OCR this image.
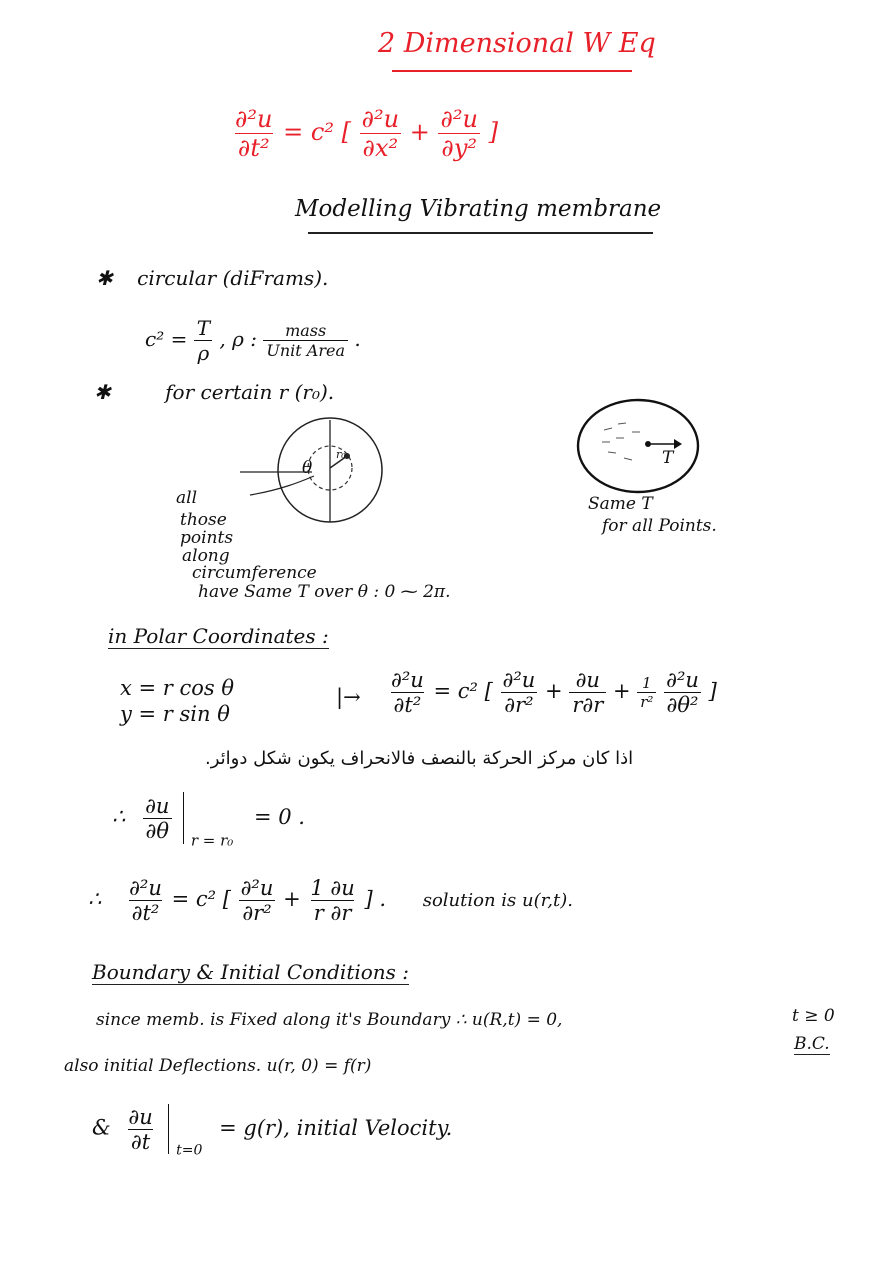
2 Dimensional W Eq
$\frac{\text{∂²u}}{\text{∂t²}} = c^2$ [ $\frac{\text{∂²u}}{\text{∂x²}} + \frac{\text{∂²u}}{\text{∂y²}}$ ]
Modelling Vibrating membrane
✱ circular (diFrams).
$c^2 = \frac{T}{\rho}$ , ρ : $\frac{\text{mass}}{\text{Unit Area}}$ .
✱	for certain r (r₀).
θ
r₀
all
those
points
along
circumference
have Same T over θ : 0 ⁓ 2π.
T
Same T
for all Points.
in Polar Coordinates :
x = r cos θ
y = r sin θ
|→ $\frac{\text{∂²u}}{\text{∂t²}} = c^2$ [ $\frac{\text{∂²u}}{\text{∂r²}} + \frac{\partial u}{r\partial r} + \frac{1}{\text{r²}}$
$\frac{\text{∂²u}}{\text{∂θ²}}$ ]
اذا كان مركز الحركة بالنصف فالانحراف يكون شكل دوائر.
∴ $\frac{\partial u}{\partial\theta} _{r = r_0} = 0$ .
∴ $\frac{\text{∂²u}}{\text{∂t²}} = c^2$ [ $\frac{\text{∂²u}}{\text{∂r²}} + \frac{1 \partial u}{r \partial r}$ ] . solution is u(r,t).
Boundary & Initial Conditions :
since memb. is Fixed along it's Boundary ∴ u(R,t) = 0,	t ≥ 0
B.C.
also initial Deflections. u(r, 0) = f(r)
& $\frac{\partial u}{\partial t} _{t=0} = g(r)$, initial Velocity.
